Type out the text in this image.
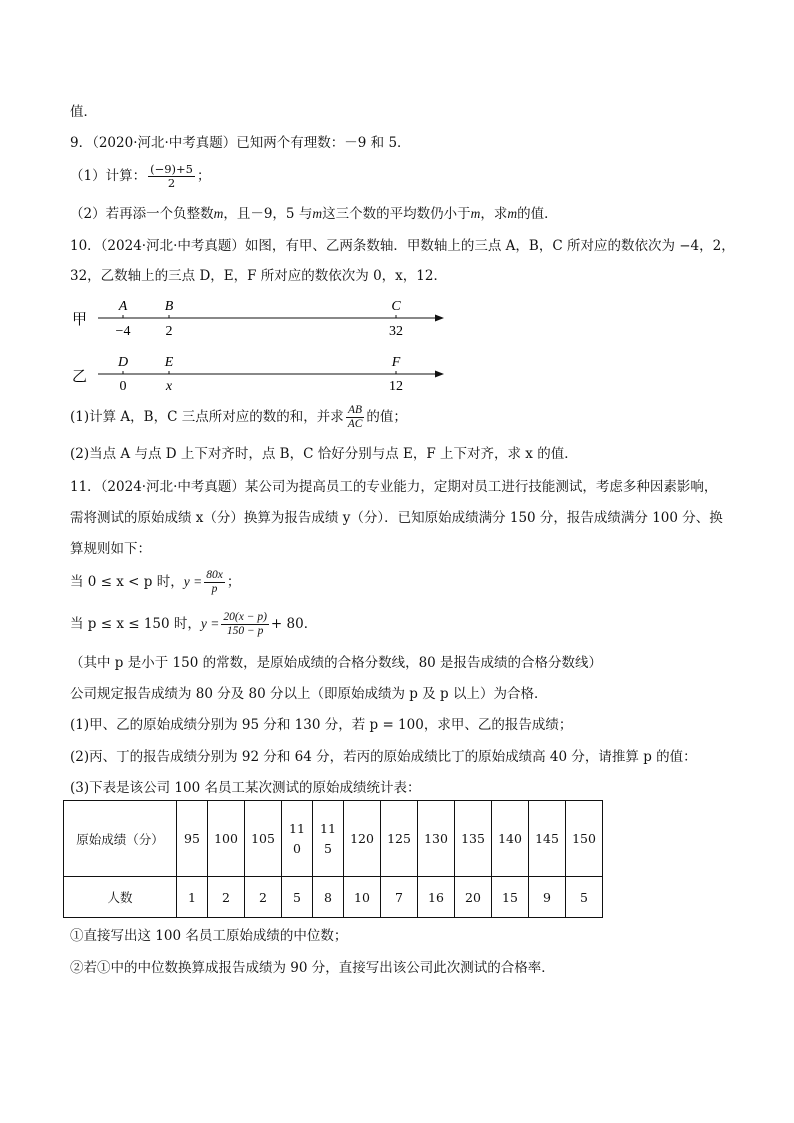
值．
9．（2020·河北·中考真题）已知两个有理数：－9 和 5．
（1）计算： $\frac{(-9)+5}{2}$ ；
（2）若再添一个负整数m，且－9，5 与m这三个数的平均数仍小于m，求m的值．
10．（2024·河北·中考真题）如图，有甲、乙两条数轴．甲数轴上的三点 A，B，C 所对应的数依次为 −4，2，
32，乙数轴上的三点 D，E，F 所对应的数依次为 0，x，12．
甲
A	B	C
−4	2	32
乙
D	E	F
0	x	12
(1)计算 A，B，C 三点所对应的数的和，并求 $\frac{AB}{AC}$ 的值；
(2)当点 A 与点 D 上下对齐时，点 B，C 恰好分别与点 E，F 上下对齐，求 x 的值．
11．（2024·河北·中考真题）某公司为提高员工的专业能力，定期对员工进行技能测试，考虑多种因素影响，
需将测试的原始成绩 x（分）换算为报告成绩 y（分）．已知原始成绩满分 150 分，报告成绩满分 100 分、换
算规则如下：
当 0 ≤ x < p 时，$y = \frac{80x}{p}$ ；
当 p ≤ x ≤ 150 时，$y = \frac{20(x - p)}{150 - p} + 80$．
（其中 p 是小于 150 的常数，是原始成绩的合格分数线，80 是报告成绩的合格分数线）
公司规定报告成绩为 80 分及 80 分以上（即原始成绩为 p 及 p 以上）为合格．
(1)甲、乙的原始成绩分别为 95 分和 130 分，若 p = 100，求甲、乙的报告成绩；
(2)丙、丁的报告成绩分别为 92 分和 64 分，若丙的原始成绩比丁的原始成绩高 40 分，请推算 p 的值：
(3)下表是该公司 100 名员工某次测试的原始成绩统计表：
原始成绩（分）	95	100	105	110	115	120	125	130	135	140	145	150
人数	1	2	2	5	8	10	7	16	20	15	9	5
①直接写出这 100 名员工原始成绩的中位数；
②若①中的中位数换算成报告成绩为 90 分，直接写出该公司此次测试的合格率．
